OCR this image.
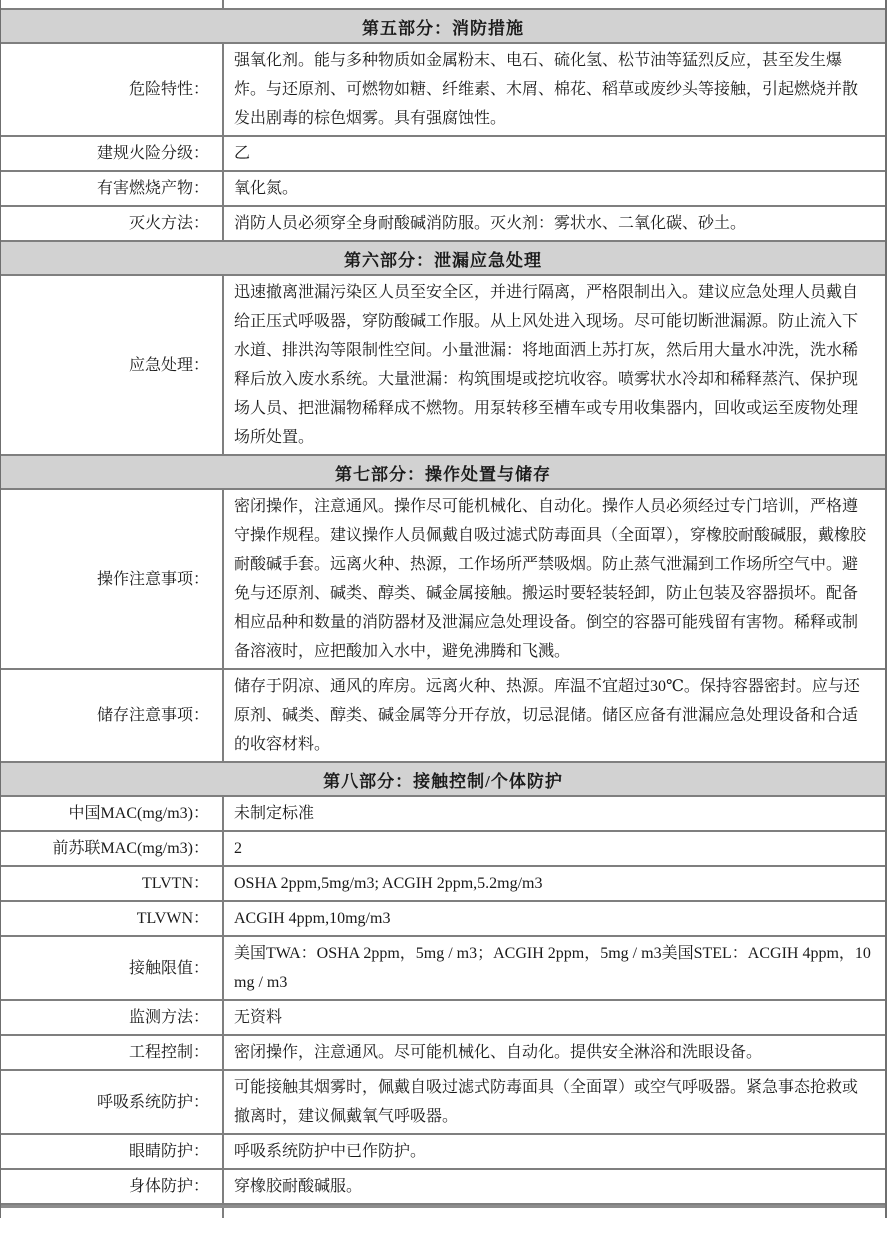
第五部分：消防措施
危险特性：
强氧化剂。能与多种物质如金属粉末、电石、硫化氢、松节油等猛烈反应，甚至发生爆炸。与还原剂、可燃物如糖、纤维素、木屑、棉花、稻草或废纱头等接触，引起燃烧并散发出剧毒的棕色烟雾。具有强腐蚀性。
建规火险分级：	乙
有害燃烧产物：	氧化氮。
灭火方法：	消防人员必须穿全身耐酸碱消防服。灭火剂：雾状水、二氧化碳、砂土。
第六部分：泄漏应急处理
应急处理：
迅速撤离泄漏污染区人员至安全区，并进行隔离，严格限制出入。建议应急处理人员戴自给正压式呼吸器，穿防酸碱工作服。从上风处进入现场。尽可能切断泄漏源。防止流入下水道、排洪沟等限制性空间。小量泄漏：将地面洒上苏打灰，然后用大量水冲洗，洗水稀释后放入废水系统。大量泄漏：构筑围堤或挖坑收容。喷雾状水冷却和稀释蒸汽、保护现场人员、把泄漏物稀释成不燃物。用泵转移至槽车或专用收集器内，回收或运至废物处理场所处置。
第七部分：操作处置与储存
操作注意事项：
密闭操作，注意通风。操作尽可能机械化、自动化。操作人员必须经过专门培训，严格遵守操作规程。建议操作人员佩戴自吸过滤式防毒面具（全面罩），穿橡胶耐酸碱服，戴橡胶耐酸碱手套。远离火种、热源，工作场所严禁吸烟。防止蒸气泄漏到工作场所空气中。避免与还原剂、碱类、醇类、碱金属接触。搬运时要轻装轻卸，防止包装及容器损坏。配备相应品种和数量的消防器材及泄漏应急处理设备。倒空的容器可能残留有害物。稀释或制备溶液时，应把酸加入水中，避免沸腾和飞溅。
储存注意事项：
储存于阴凉、通风的库房。远离火种、热源。库温不宜超过30℃。保持容器密封。应与还原剂、碱类、醇类、碱金属等分开存放，切忌混储。储区应备有泄漏应急处理设备和合适的收容材料。
第八部分：接触控制/个体防护
中国MAC(mg/m3)：	未制定标准
前苏联MAC(mg/m3)：	2
TLVTN：	OSHA 2ppm,5mg/m3; ACGIH 2ppm,5.2mg/m3
TLVWN：	ACGIH 4ppm,10mg/m3
接触限值：
美国TWA：OSHA 2ppm，5mg / m3；ACGIH 2ppm，5mg / m3美国STEL：ACGIH 4ppm，10mg / m3
监测方法：	无资料
工程控制：	密闭操作，注意通风。尽可能机械化、自动化。提供安全淋浴和洗眼设备。
呼吸系统防护：
可能接触其烟雾时，佩戴自吸过滤式防毒面具（全面罩）或空气呼吸器。紧急事态抢救或撤离时，建议佩戴氧气呼吸器。
眼睛防护：	呼吸系统防护中已作防护。
身体防护：	穿橡胶耐酸碱服。
